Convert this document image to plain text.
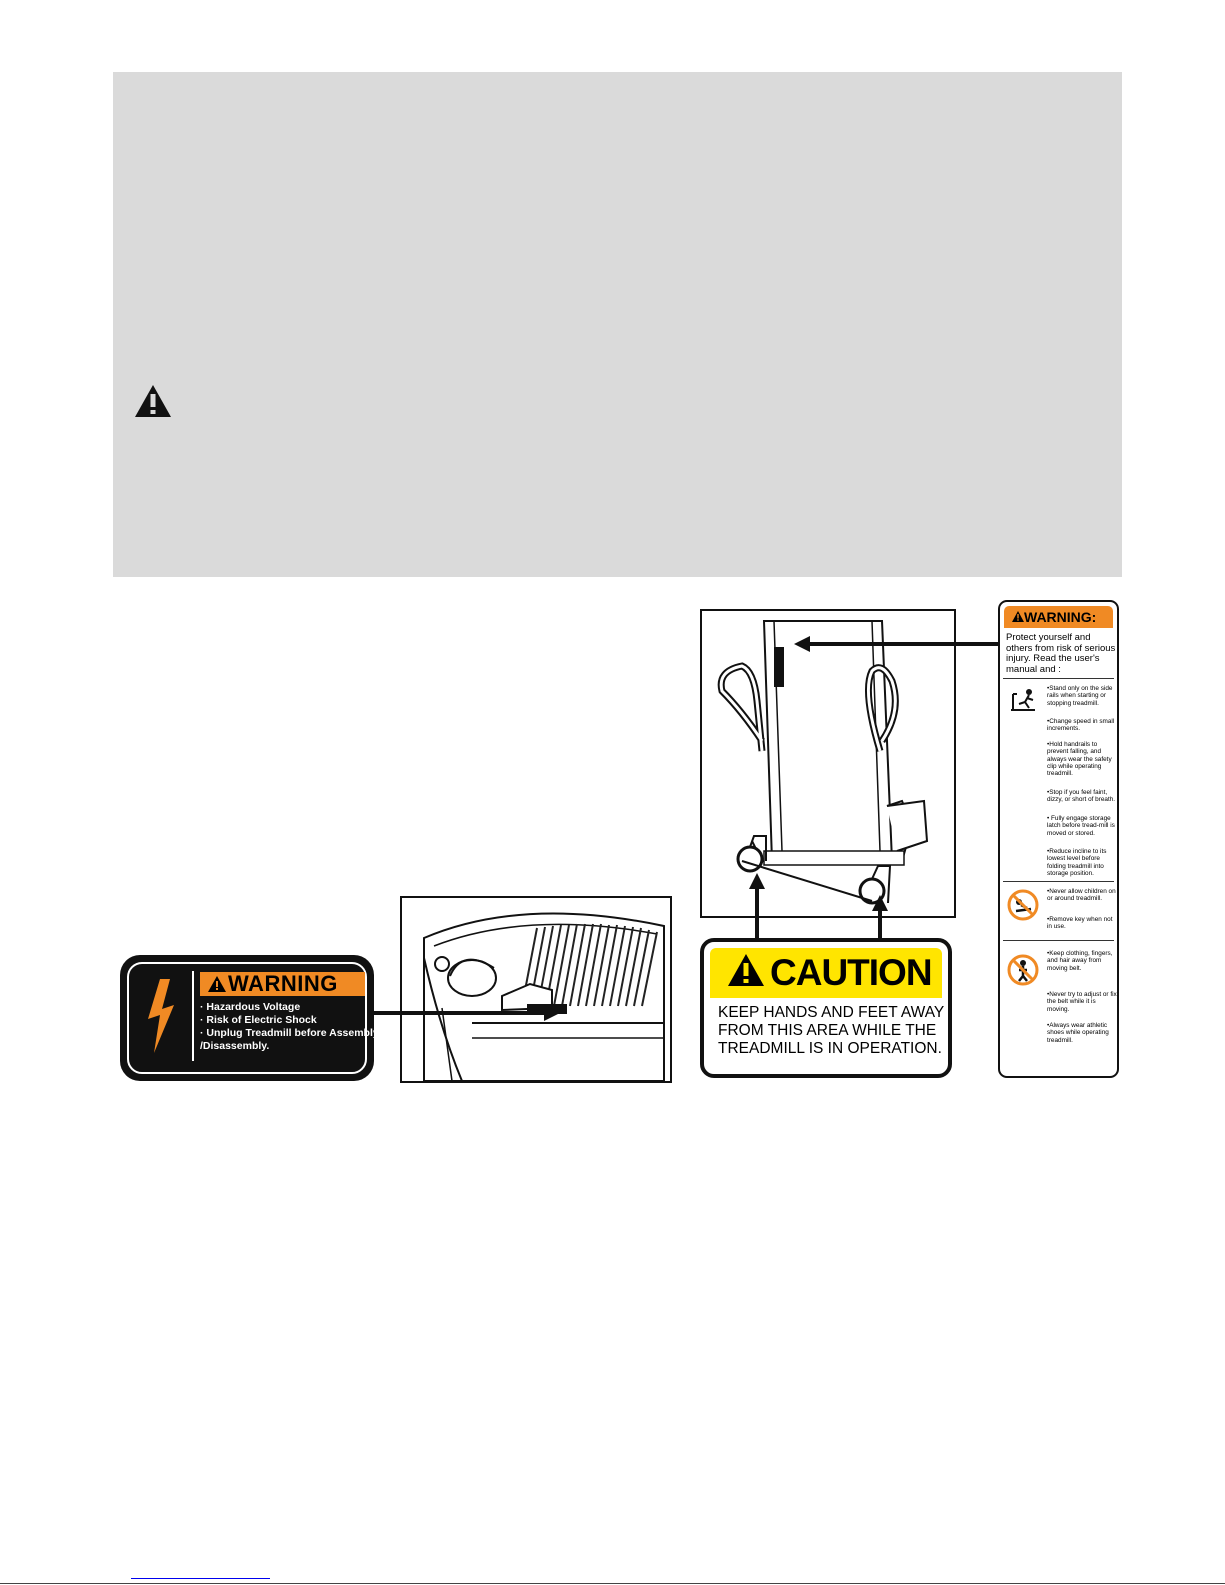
WARNING
· Hazardous Voltage
· Risk of Electric Shock
· Unplug Treadmill before Assembly
/Disassembly.
CAUTION
KEEP HANDS AND FEET AWAY FROM THIS AREA WHILE THE TREADMILL IS IN OPERATION.
WARNING:
Protect yourself and others from risk of serious injury. Read the user's manual and :
•Stand only on the side rails when starting or stopping treadmill.
•Change speed in small increments.
•Hold handrails to prevent falling, and always wear the safety clip while operating treadmill.
•Stop if you feel faint, dizzy, or short of breath.
• Fully engage storage latch before tread-mill is moved or stored.
•Reduce incline to its lowest level before folding treadmill into storage position.
•Never allow children on or around treadmill.
•Remove key when not in use.
•Keep clothing, fingers, and hair away from moving belt.
•Never try to adjust or fix the belt while it is moving.
•Always wear athletic shoes while operating treadmill.
